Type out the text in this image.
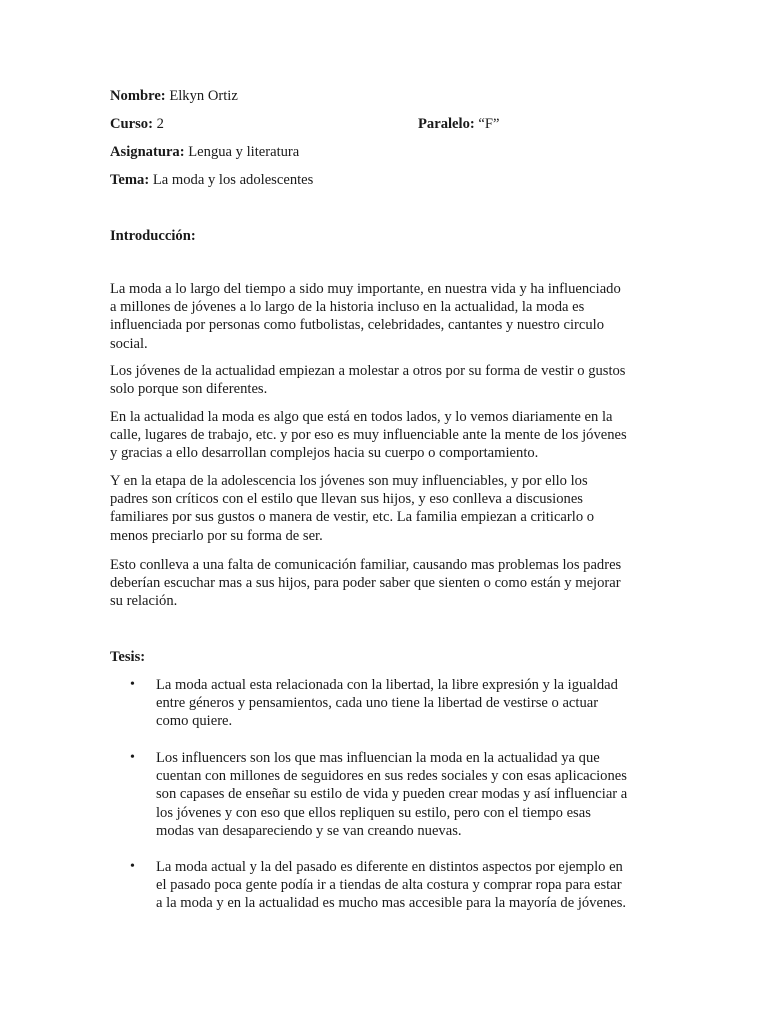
Nombre: Elkyn Ortiz
Curso: 2	Paralelo: “F”
Asignatura: Lengua y literatura
Tema: La moda y los adolescentes
Introducción:
La moda a lo largo del tiempo a sido muy importante, en nuestra vida y ha influenciado
a millones de jóvenes a lo largo de la historia incluso en la actualidad, la moda es
influenciada por personas como futbolistas, celebridades, cantantes y nuestro circulo
social.
Los jóvenes de la actualidad empiezan a molestar a otros por su forma de vestir o gustos
solo porque son diferentes.
En la actualidad la moda es algo que está en todos lados, y lo vemos diariamente en la
calle, lugares de trabajo, etc. y por eso es muy influenciable ante la mente de los jóvenes
y gracias a ello desarrollan complejos hacia su cuerpo o comportamiento.
Y en la etapa de la adolescencia los jóvenes son muy influenciables, y por ello los
padres son críticos con el estilo que llevan sus hijos, y eso conlleva a discusiones
familiares por sus gustos o manera de vestir, etc. La familia empiezan a criticarlo o
menos preciarlo por su forma de ser.
Esto conlleva a una falta de comunicación familiar, causando mas problemas los padres
deberían escuchar mas a sus hijos, para poder saber que sienten o como están y mejorar
su relación.
Tesis:
• La moda actual esta relacionada con la libertad, la libre expresión y la igualdad
entre géneros y pensamientos, cada uno tiene la libertad de vestirse o actuar
como quiere.
• Los influencers son los que mas influencian la moda en la actualidad ya que
cuentan con millones de seguidores en sus redes sociales y con esas aplicaciones
son capases de enseñar su estilo de vida y pueden crear modas y así influenciar a
los jóvenes y con eso que ellos repliquen su estilo, pero con el tiempo esas
modas van desapareciendo y se van creando nuevas.
• La moda actual y la del pasado es diferente en distintos aspectos por ejemplo en
el pasado poca gente podía ir a tiendas de alta costura y comprar ropa para estar
a la moda y en la actualidad es mucho mas accesible para la mayoría de jóvenes.
